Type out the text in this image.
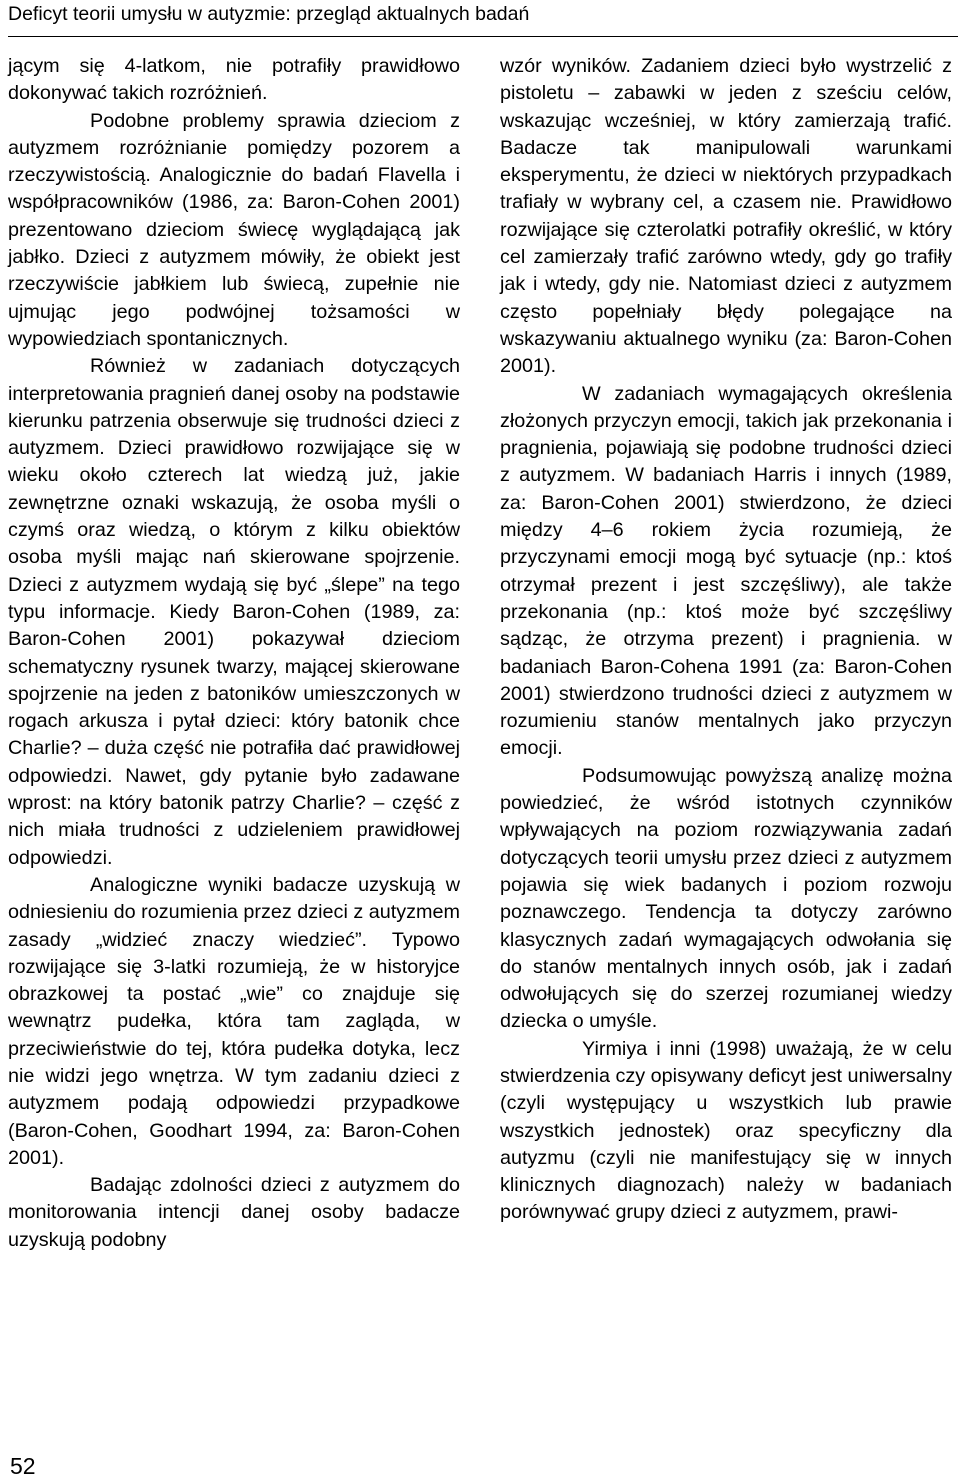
Deficyt teorii umysłu w autyzmie: przegląd aktualnych badań

jącym się 4-latkom, nie potrafiły prawidłowo dokonywać takich rozróżnień.

Podobne problemy sprawia dzieciom z autyzmem rozróżnianie pomiędzy pozorem a rzeczywistością. Analogicznie do badań Flavella i współpracowników (1986, za: Baron-Cohen 2001) prezentowano dzieciom świecę wyglądającą jak jabłko. Dzieci z autyzmem mówiły, że obiekt jest rzeczywiście jabłkiem lub świecą, zupełnie nie ujmując jego podwójnej tożsamości w wypowiedziach spontanicznych.

Również w zadaniach dotyczących interpretowania pragnień danej osoby na podstawie kierunku patrzenia obserwuje się trudności dzieci z autyzmem. Dzieci prawidłowo rozwijające się w wieku około czterech lat wiedzą już, jakie zewnętrzne oznaki wskazują, że osoba myśli o czymś oraz wiedzą, o którym z kilku obiektów osoba myśli mając nań skierowane spojrzenie. Dzieci z autyzmem wydają się być „ślepe” na tego typu informacje. Kiedy Baron-Cohen (1989, za: Baron-Cohen 2001) pokazywał dzieciom schematyczny rysunek twarzy, mającej skierowane spojrzenie na jeden z batoników umieszczonych w rogach arkusza i pytał dzieci: który batonik chce Charlie? – duża część nie potrafiła dać prawidłowej odpowiedzi. Nawet, gdy pytanie było zadawane wprost: na który batonik patrzy Charlie? – część z nich miała trudności z udzieleniem prawidłowej odpowiedzi.

Analogiczne wyniki badacze uzyskują w odniesieniu do rozumienia przez dzieci z autyzmem zasady „widzieć znaczy wiedzieć”. Typowo rozwijające się 3-latki rozumieją, że w historyjce obrazkowej ta postać „wie” co znajduje się wewnątrz pudełka, która tam zagląda, w przeciwieństwie do tej, która pudełka dotyka, lecz nie widzi jego wnętrza. W tym zadaniu dzieci z autyzmem podają odpowiedzi przypadkowe (Baron-Cohen, Goodhart 1994, za: Baron-Cohen 2001).

Badając zdolności dzieci z autyzmem do monitorowania intencji danej osoby badacze uzyskują podobny

wzór wyników. Zadaniem dzieci było wystrzelić z pistoletu – zabawki w jeden z sześciu celów, wskazując wcześniej, w który zamierzają trafić. Badacze tak manipulowali warunkami eksperymentu, że dzieci w niektórych przypadkach trafiały w wybrany cel, a czasem nie. Prawidłowo rozwijające się czterolatki potrafiły określić, w który cel zamierzały trafić zarówno wtedy, gdy go trafiły jak i wtedy, gdy nie. Natomiast dzieci z autyzmem często popełniały błędy polegające na wskazywaniu aktualnego wyniku (za: Baron-Cohen 2001).

W zadaniach wymagających określenia złożonych przyczyn emocji, takich jak przekonania i pragnienia, pojawiają się podobne trudności dzieci z autyzmem. W badaniach Harris i innych (1989, za: Baron-Cohen 2001) stwierdzono, że dzieci między 4–6 rokiem życia rozumieją, że przyczynami emocji mogą być sytuacje (np.: ktoś otrzymał prezent i jest szczęśliwy), ale także przekonania (np.: ktoś może być szczęśliwy sądząc, że otrzyma prezent) i pragnienia. w badaniach Baron-Cohena 1991 (za: Baron-Cohen 2001) stwierdzono trudności dzieci z autyzmem w rozumieniu stanów mentalnych jako przyczyn emocji.

Podsumowując powyższą analizę można powiedzieć, że wśród istotnych czynników wpływających na poziom rozwiązywania zadań dotyczących teorii umysłu przez dzieci z autyzmem pojawia się wiek badanych i poziom rozwoju poznawczego. Tendencja ta dotyczy zarówno klasycznych zadań wymagających odwołania się do stanów mentalnych innych osób, jak i zadań odwołujących się do szerzej rozumianej wiedzy dziecka o umyśle.

Yirmiya i inni (1998) uważają, że w celu stwierdzenia czy opisywany deficyt jest uniwersalny (czyli występujący u wszystkich lub prawie wszystkich jednostek) oraz specyficzny dla autyzmu (czyli nie manifestujący się w innych klinicznych diagnozach) należy w badaniach porównywać grupy dzieci z autyzmem, prawi-

52
